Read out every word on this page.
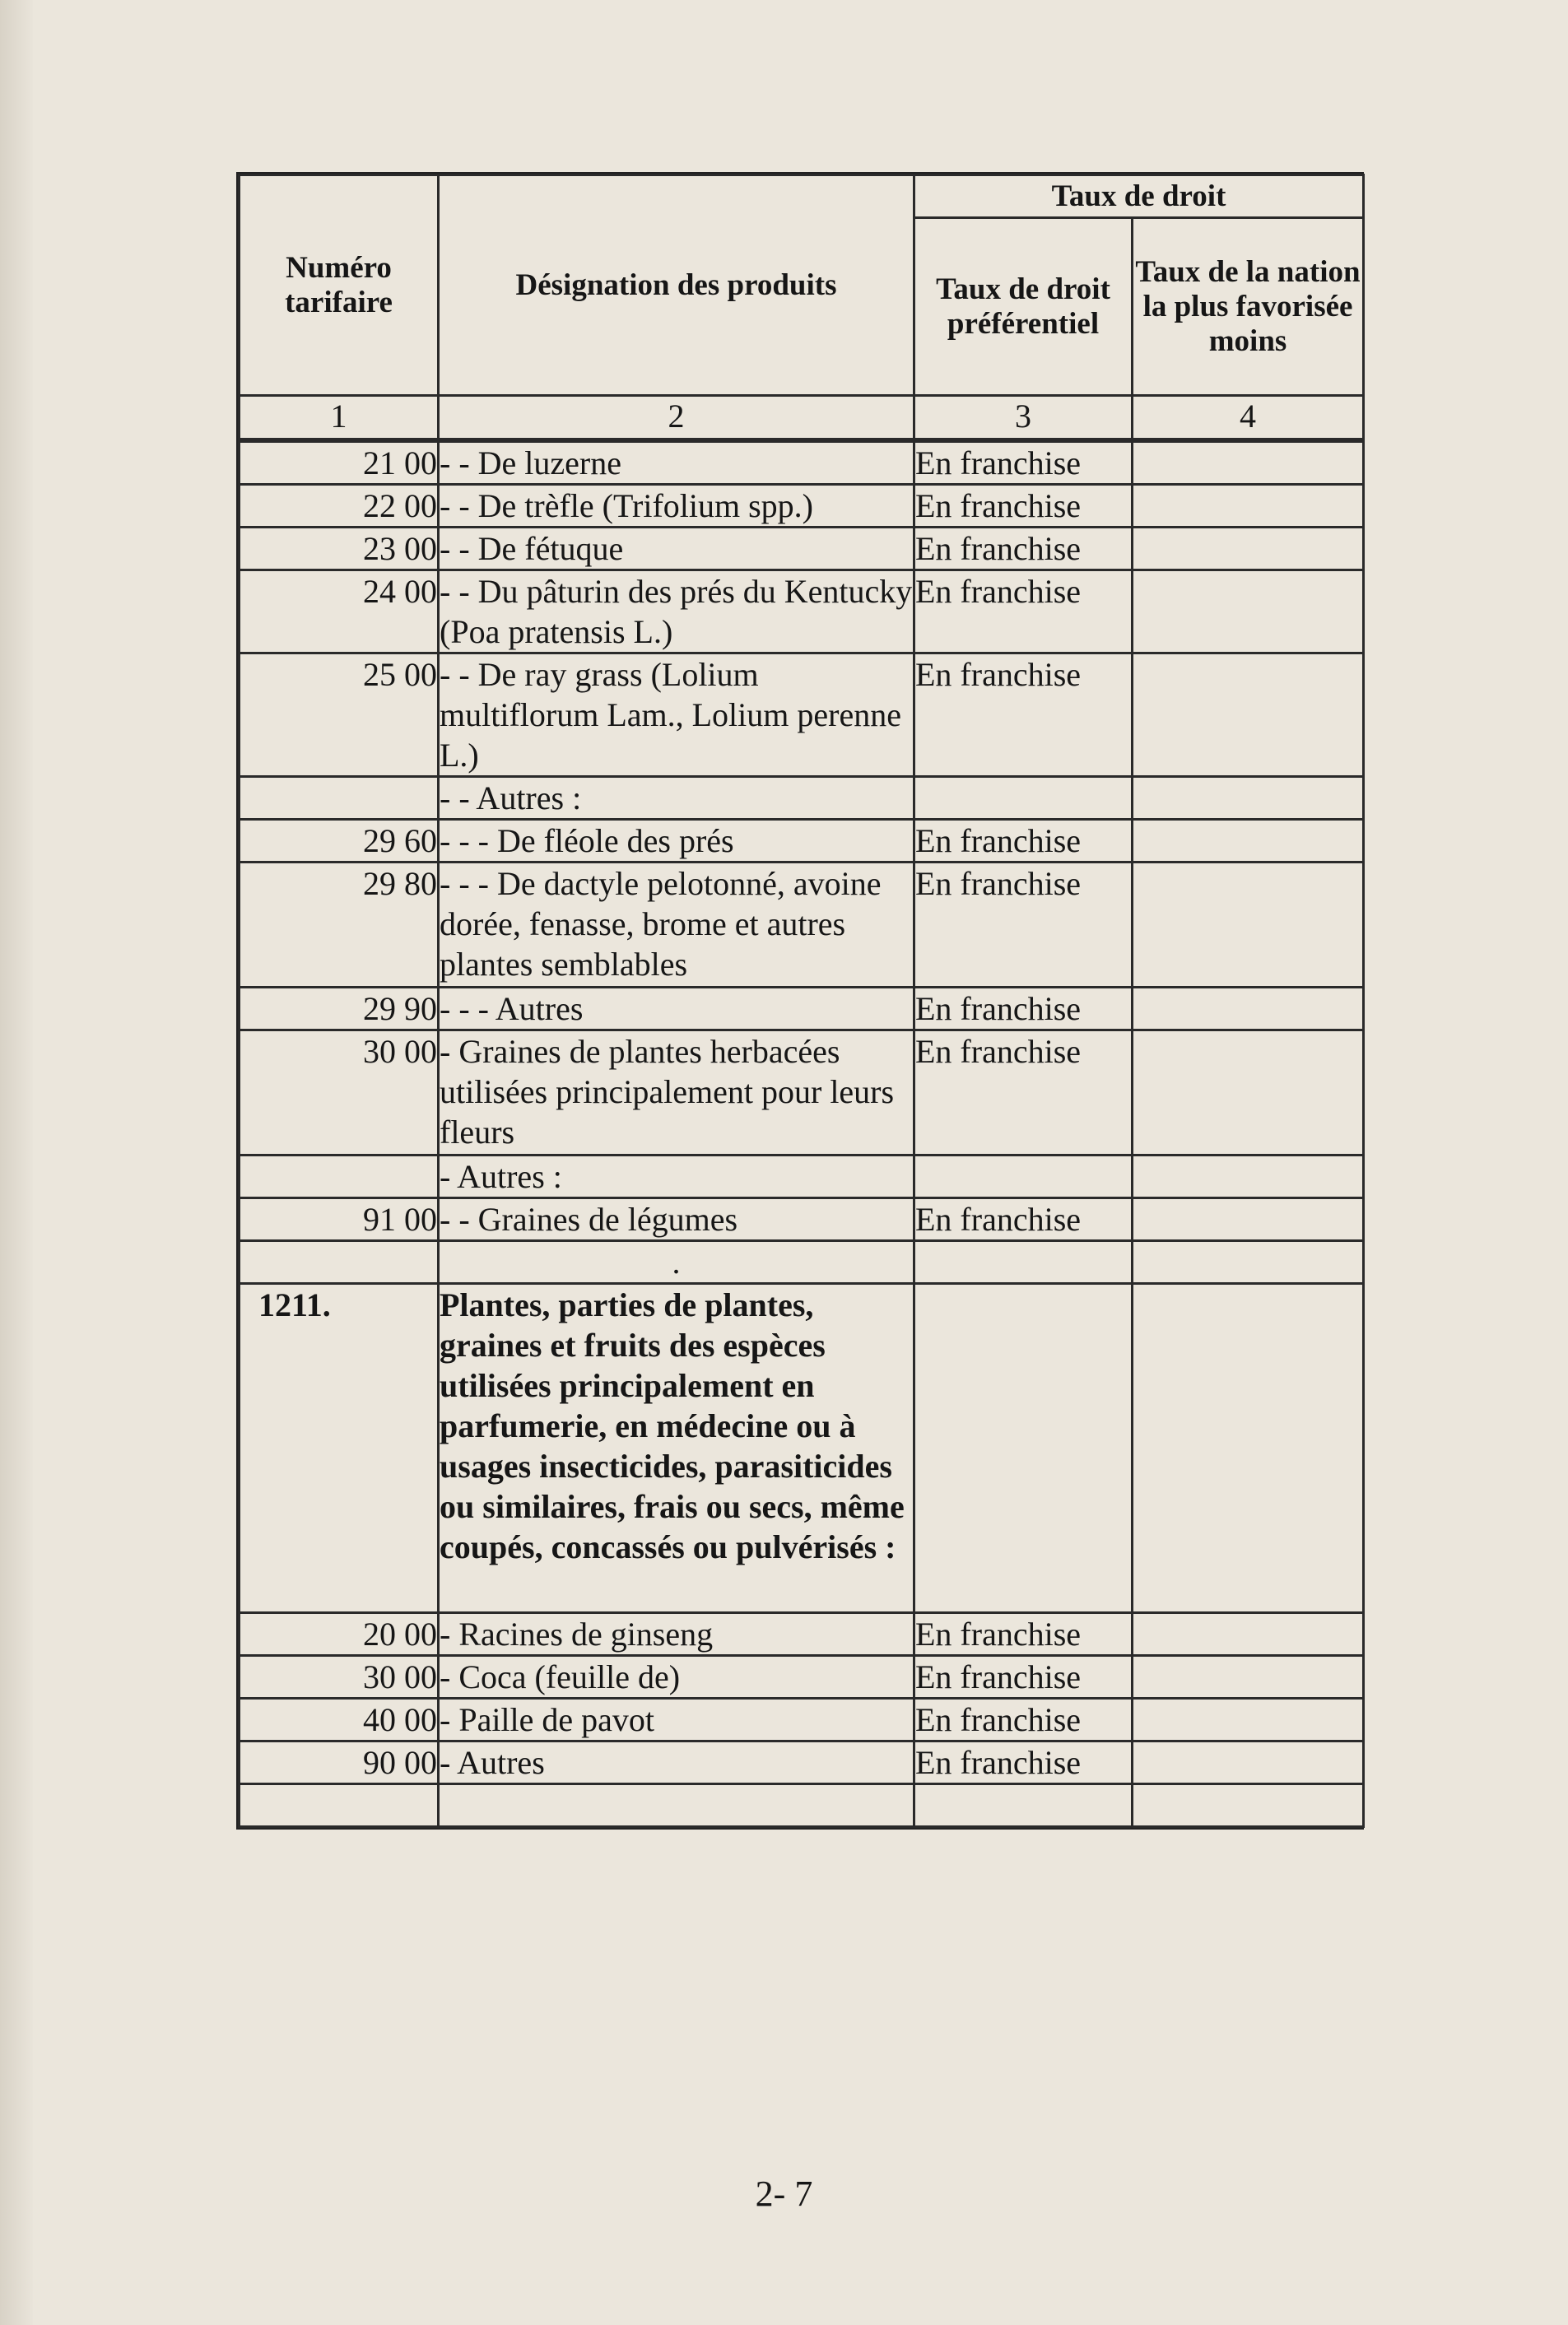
Numéro tarifaire	Désignation des produits	Taux de droit	
		Taux de droit préférentiel	Taux de la nation la plus favorisée moins
1	2	3	4
21 00	- - De luzerne	En franchise	
22 00	- - De trèfle (Trifolium spp.)	En franchise	
23 00	- - De fétuque	En franchise	
24 00	- - Du pâturin des prés du Kentucky (Poa pratensis L.)	En franchise	
25 00	- - De ray grass (Lolium multiflorum Lam., Lolium perenne L.)	En franchise	
	- - Autres :		
29 60	- - - De fléole des prés	En franchise	
29 80	- - - De dactyle pelotonné, avoine dorée, fenasse, brome et autres plantes semblables	En franchise	
29 90	- - - Autres	En franchise	
30 00	- Graines de plantes herbacées utilisées principalement pour leurs fleurs	En franchise	
	- Autres :		
91 00	- - Graines de légumes	En franchise	
	.		
1211.	Plantes, parties de plantes, graines et fruits des espèces utilisées principalement en parfumerie, en médecine ou à usages insecticides, parasiticides ou similaires, frais ou secs, même coupés, concassés ou pulvérisés :		
20 00	- Racines de ginseng	En franchise	
30 00	- Coca (feuille de)	En franchise	
40 00	- Paille de pavot	En franchise	
90 00	- Autres	En franchise	

2- 7
